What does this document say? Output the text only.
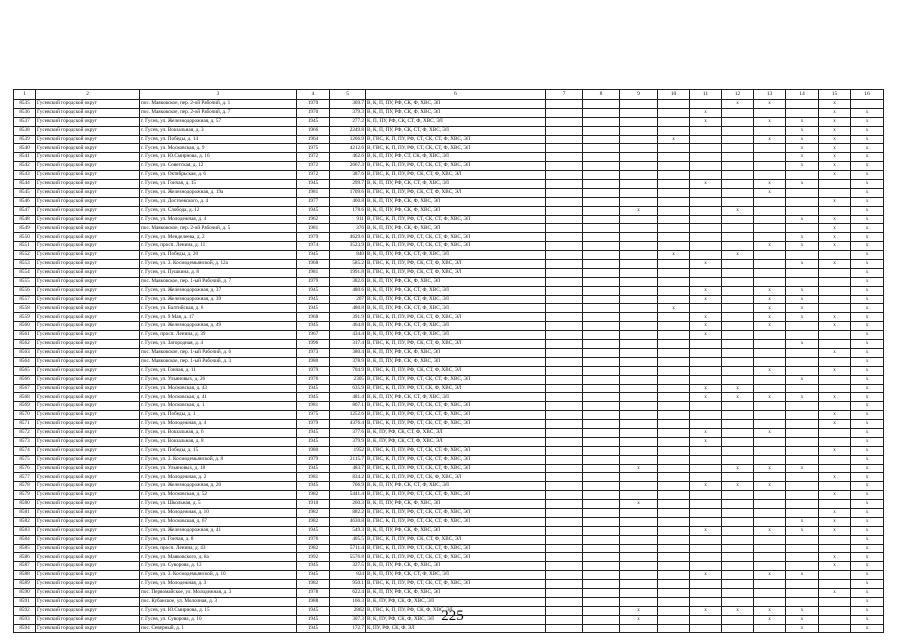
1	2	3	4	5	6	7	8	9	10	11	12	13	14	15	16
8535	Гусевский городской округ	пос. Маяковское, пер. 2-ой Рабочий, д. 1	1970	369.7	В, К, П, ПУ, РФ, СК, Ф, ХВС, ЭЛ						х	х		х	
8536	Гусевский городской округ	пос. Маяковское, пер. 2-ой Рабочий, д. 7	1970	379.3	В, К, П, ПУ, РФ, СК, Ф, ХВС, ЭЛ					х				х	х
8537	Гусевский городской округ	г. Гусев, ул. Железнодорожная, д. 57	1945	277.2	К, П, ПУ, РФ, СК, СТ, Ф, ХВС, ЭЛ					х		х	х	х	х
8538	Гусевский городской округ	г. Гусев, ул. Вокзальная, д. 3	1966	2249.8	В, К, П, ПУ, РФ, СК, СТ, Ф, ХВС, ЭЛ								х	х	х
8539	Гусевский городской округ	г. Гусев, ул. Победы, д. 14	1964	1266.9	В, ГВС, К, П, ПУ, РФ, СТ, СК, СТ, Ф, ХВС, ЭЛ				х			х	х	х	х
8540	Гусевский городской округ	г. Гусев, ул. Московская, д. 9	1975	4212.6	В, ГВС, К, П, ПУ, РФ, СТ, СК, СТ, Ф, ХВС, ЭЛ								х	х	х
8541	Гусевский городской округ	г. Гусев, ул. Ю.Смирнова, д. 16	1972	462.6	В, К, П, ПУ, РФ, СТ, СК, Ф, ХВС, ЭЛ								х	х	х
8542	Гусевский городской округ	г. Гусев, ул. Советская, д. 12	1972	2667.3	В, ГВС, К, П, ПУ, РФ, СТ, СК, СТ, Ф, ХВС, ЭЛ								х	х	х
8543	Гусевский городской округ	г. Гусев, ул. Октябрьская, д. 6	1972	387.6	В, ГВС, К, П, ПУ, РФ, СК, СТ, Ф, ХВС, ЭЛ									х	х
8544	Гусевский городской округ	г. Гусев, ул. Гончая, д. 15	1945	299.7	В, К, П, ПУ, РФ, СК, СТ, Ф, ХВС, ЭЛ					х		х	х		х
8545	Гусевский городской округ	г. Гусев, ул. Железнодорожная, д. 19а	1981	1709.6	В, ГВС, К, П, ПУ, РФ, СК, СТ, Ф, ХВС, ЭЛ							х			х
8546	Гусевский городской округ	г. Гусев, ул. Достоевского, д. 4	1977	460.8	В, К, П, ПУ, РФ, СК, Ф, ХВС, ЭЛ									х	х
8547	Гусевский городской округ	г. Гусев, ул. Слобода, д. 12	1945	178.6	В, К, П, ПУ, РФ, СК, Ф, ХВС, ЭЛ			х			х				х
8548	Гусевский городской округ	г. Гусев, ул. Молодежная, д. 4	1962	911	В, ГВС, К, П, ПУ, РФ, СТ, СК, СТ, Ф, ХВС, ЭЛ								х	х	х
8549	Гусевский городской округ	пос. Маяковское, пер. 2-ой Рабочий, д. 5	1981	376	В, К, П, ПУ, РФ, СК, Ф, ХВС, ЭЛ									х	х
8550	Гусевский городской округ	г. Гусев, ул. Менделеева, д. 2	1979	4629.6	В, ГВС, К, П, ПУ, РФ, СТ, СК, СТ, Ф, ХВС, ЭЛ								х	х	х
8551	Гусевский городской округ	г. Гусев, просп. Ленина, д. 11	1974	3523.9	В, ГВС, К, П, ПУ, РФ, СТ, СК, СТ, Ф, ХВС, ЭЛ							х	х	х	х
8552	Гусевский городской округ	г. Гусев, ул. Победы, д. 20	1945	840	В, К, П, ПУ, РФ, СК, СТ, Ф, ХВС, ЭЛ				х		х				х
8553	Гусевский городской округ	г. Гусев, ул. 3. Космодемьянской, д. 12а	1968	585.2	В, ГВС, К, П, ПУ, РФ, СК, СТ, Ф, ХВС, ЭЛ					х			х	х	х
8554	Гусевский городской округ	г. Гусев, ул. Пушкина, д. 8	1981	1991.8	В, ГВС, К, П, ПУ, РФ, СК, СТ, Ф, ХВС, ЭЛ										х
8555	Гусевский городской округ	пос. Маяковское, пер. 1-ый Рабочий, д. 7	1979	382.6	В, К, П, ПУ, РФ, СК, Ф, ХВС, ЭЛ										х
8556	Гусевский городской округ	г. Гусев, ул. Железнодорожная, д. 37	1945	480.6	В, К, П, ПУ, РФ, СК, СТ, Ф, ХВС, ЭЛ					х		х	х		х
8557	Гусевский городской округ	г. Гусев, ул. Железнодорожная, д. 39	1945	267	В, К, П, ПУ, РФ, СК, СТ, Ф, ХВС, ЭЛ					х		х	х		х
8558	Гусевский городской округ	г. Гусев, ул. Балтийская, д. 6	1945	480.8	В, К, П, ПУ, РФ, СК, СТ, Ф, ХВС, ЭЛ				х			х	х		х
8559	Гусевский городской округ	г. Гусев, ул. 9 Мая, д. 17	1968	391.9	В, ГВС, К, П, ПУ, РФ, СК, СТ, Ф, ХВС, ЭЛ					х		х	х	х	х
8560	Гусевский городской округ	г. Гусев, ул. Железнодорожная, д. 49	1945	464.8	В, К, П, ПУ, РФ, СК, СТ, Ф, ХВС, ЭЛ					х		х		х	х
8561	Гусевский городской округ	г. Гусев, просп. Ленина, д. 39	1967	434.4	В, К, П, ПУ, РФ, СК, СТ, Ф, ХВС, ЭЛ					х					х
8562	Гусевский городской округ	г. Гусев, ул. Затородная, д. 4	1996	317.4	В, ГВС, К, П, ПУ, РФ, СК, СТ, Ф, ХВС, ЭЛ								х		х
8563	Гусевский городской округ	пос. Маяковское, пер. 1-ый Рабочий, д. 6	1973	380.4	В, К, П, ПУ, РФ, СК, Ф, ХВС, ЭЛ									х	х
8564	Гусевский городской округ	пос. Маяковское, пер. 1-ый Рабочий, д. 3	1980	378.9	В, К, П, ПУ, РФ, СК, Ф, ХВС, ЭЛ										х
8565	Гусевский городской округ	г. Гусев, ул. Гончая, д. 11	1979	704.9	В, ГВС, К, П, ПУ, РФ, СК, СТ, Ф, ХВС, ЭЛ							х		х	х
8566	Гусевский городской округ	г. Гусев, ул. Ульяновых, д. 26	1976	2305	В, ГВС, К, П, ПУ, РФ, СТ, СК, СТ, Ф, ХВС, ЭЛ								х		х
8567	Гусевский городской округ	г. Гусев, ул. Московская, д. 43	1945	635.9	В, ГВС, К, П, ПУ, РФ, СТ, СК, Ф, ХВС, ЭЛ					х	х				х
8568	Гусевский городской округ	г. Гусев, ул. Московская, д. 41	1945	481.4	В, К, П, ПУ, РФ, СК, СТ, Ф, ХВС, ЭЛ					х	х	х	х	х	х
8569	Гусевский городской округ	г. Гусев, ул. Московская, д. 1	1981	867.1	В, ГВС, К, П, ПУ, РФ, СТ, СК, СТ, Ф, ХВС, ЭЛ										х
8570	Гусевский городской округ	г. Гусев, ул. Победы, д. 1	1975	1252.6	В, ГВС, К, П, ПУ, РФ, СТ, СК, СТ, Ф, ХВС, ЭЛ									х	х
8571	Гусевский городской округ	г. Гусев, ул. Молодежная, д. 4	1979	4376.4	В, ГВС, К, П, ПУ, РФ, СТ, СК, СТ, Ф, ХВС, ЭЛ									х	х
8572	Гусевский городской округ	г. Гусев, ул. Вокзальная, д. 6	1945	377.6	В, К, ПУ, РФ, СК, СТ, Ф, ХВС, ЭЛ					х		х			х
8573	Гусевский городской округ	г. Гусев, ул. Вокзальная, д. 8	1945	379.9	В, К, ПУ, РФ, СК, СТ, Ф, ХВС, ЭЛ					х					х
8574	Гусевский городской округ	г. Гусев, ул. Победы, д. 15	1980	1952	В, ГВС, К, П, ПУ, РФ, СТ, СК, СТ, Ф, ХВС, ЭЛ									х	х
8575	Гусевский городской округ	г. Гусев, ул. 3. Космодемьянской, д. 8	1979	2115.7	В, ГВС, К, П, ПУ, РФ, СТ, СК, СТ, Ф, ХВС, ЭЛ										х
8576	Гусевский городской округ	г. Гусев, ул. Ульяновых, д. 18	1945	483.7	В, ГВС, К, П, ПУ, РФ, СТ, СК, СТ, Ф, ХВС, ЭЛ			х			х	х	х		х
8577	Гусевский городской округ	г. Гусев, ул. Молодежная, д. 2	1981	834.2	В, ГВС, К, П, ПУ, РФ, СТ, СК, Ф, ХВС, ЭЛ									х	х
8578	Гусевский городской округ	г. Гусев, ул. Железнодорожная, д. 20	1945	766.9	В, К, П, ПУ, РФ, СК, СТ, Ф, ХВС, ЭЛ					х	х	х			х
8579	Гусевский городской округ	г. Гусев, ул. Московская, д. 52	1982	5441.4	В, ГВС, К, П, ПУ, РФ, СТ, СК, СТ, Ф, ХВС, ЭЛ									х	х
8580	Гусевский городской округ	г. Гусев, ул. Школьная, д. 5	1910	260.3	В, К, П, ПУ, РФ, СК, Ф, ХВС, ЭЛ			х							х
8581	Гусевский городской округ	г. Гусев, ул. Молодежная, д. 10	1982	882.2	В, ГВС, К, П, ПУ, РФ, СТ, СК, СТ, Ф, ХВС, ЭЛ									х	х
8582	Гусевский городской округ	г. Гусев, ул. Московская, д. 67	1982	4630.8	В, ГВС, К, П, ПУ, РФ, СТ, СК, СТ, Ф, ХВС, ЭЛ								х	х	х
8583	Гусевский городской округ	г. Гусев, ул. Железнодорожная, д. 41	1945	549.3	В, К, П, ПУ, РФ, СК, Ф, ХВС, ЭЛ					х		х	х	х	х
8584	Гусевский городской округ	г. Гусев, ул. Гончая, д. 8	1976	405.5	В, ГВС, К, П, ПУ, РФ, СК, СТ, Ф, ХВС, ЭЛ										х
8585	Гусевский городской округ	г. Гусев, просп. Ленина, д. 43	1982	5711.4	В, ГВС, К, П, ПУ, РФ, СТ, СК, СТ, Ф, ХВС, ЭЛ										х
8586	Гусевский городской округ	г. Гусев, ул. Маяковского, д. 8а	1992	5576.8	В, ГВС, К, П, ПУ, РФ, СТ, СК, СТ, Ф, ХВС, ЭЛ									х	х
8587	Гусевский городской округ	г. Гусев, ул. Суворова, д. 12	1945	327.5	В, К, П, ПУ, РФ, СК, Ф, ХВС, ЭЛ									х	х
8588	Гусевский городской округ	г. Гусев, ул. 3. Космодемьянской, д. 10	1945	824	В, К, П, ПУ, РФ, СК, СТ, Ф, ХВС, ЭЛ					х		х	х		х
8589	Гусевский городской округ	г. Гусев, ул. Молодежная, д. 3	1982	950.1	В, ГВС, К, П, ПУ, РФ, СТ, СК, СТ, Ф, ХВС, ЭЛ										х
8590	Гусевский городской округ	пос. Первомайское, ул. Молодежная, д. 3	1978	622.4	В, К, П, ПУ, РФ, СК, Ф, ХВС, ЭЛ									х	х
8591	Гусевский городской округ	пос. Кубанское, ул. Молочная, д. 3	1988	166.3	В, К, ПУ, РФ, СК, Ф, ХВС, ЭЛ										х
8592	Гусевский городской округ	г. Гусев, ул. Ю.Смирнова, д. 15	1945	2862	В, ГВС, К, П, ПУ, РФ, СК, Ф, ХВС, ЭЛ			х		х	х	х	х		х
8593	Гусевский городской округ	г. Гусев, ул. Суворова, д. 10	1945	307.3	В, К, ПУ, РФ, СК, Ф, ХВС, ЭЛ			х				х	х		х
8594	Гусевский городской округ	пос. Северный, д. 1	1945	172.7	К, ПУ, РФ, СК, Ф, ЭЛ								х		х
225
